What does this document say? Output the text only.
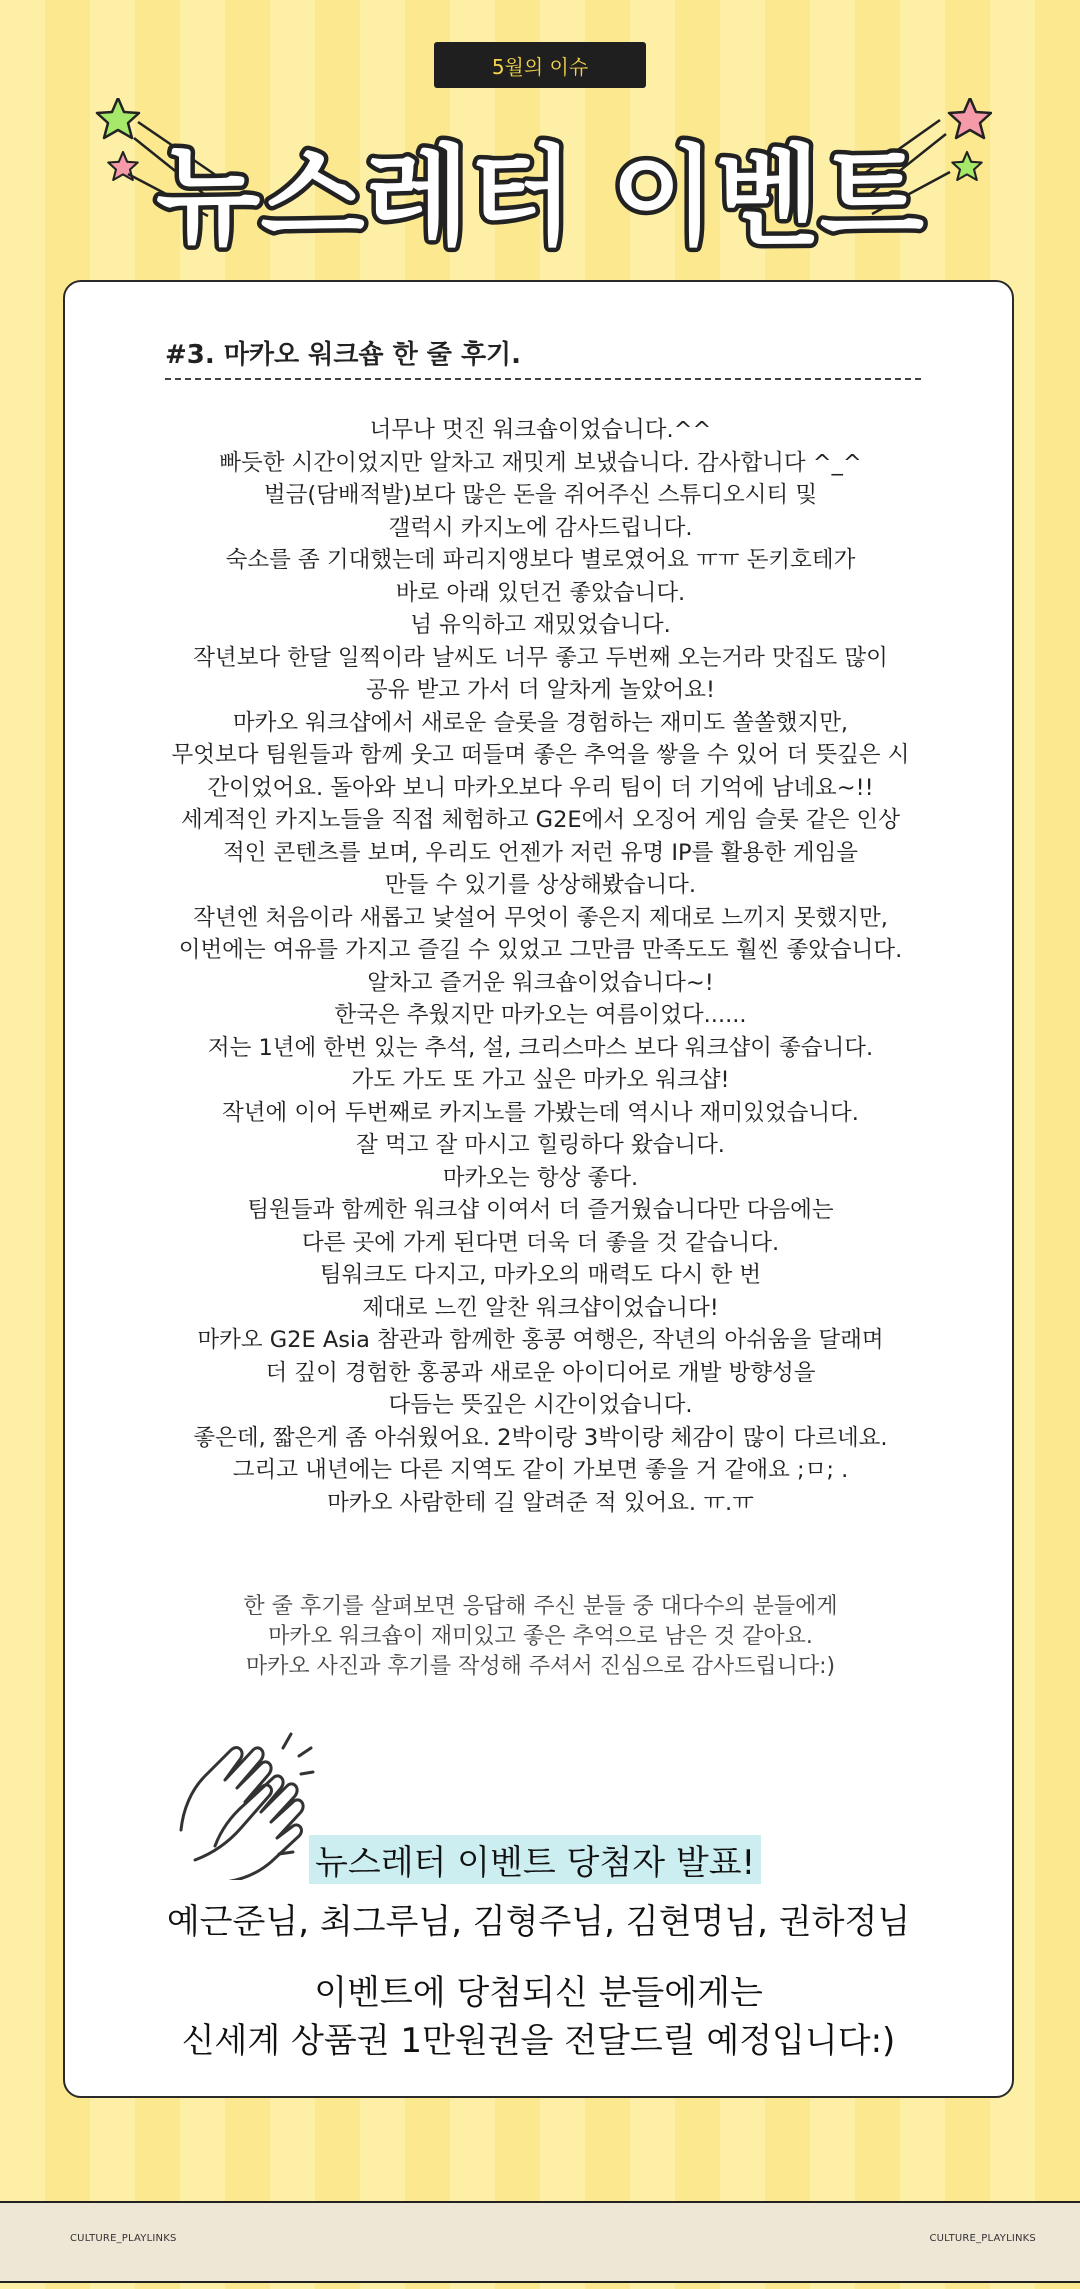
5월의 이슈
뉴스레터 이벤트
#3. 마카오 워크숍 한 줄 후기.
너무나 멋진 워크숍이었습니다.^^
빠듯한 시간이었지만 알차고 재밋게 보냈습니다. 감사합니다 ^_^
벌금(담배적발)보다 많은 돈을 쥐어주신 스튜디오시티 및
갤럭시 카지노에 감사드립니다.
숙소를 좀 기대했는데 파리지앵보다 별로였어요 ㅠㅠ 돈키호테가
바로 아래 있던건 좋았습니다.
넘 유익하고 재밌었습니다.
작년보다 한달 일찍이라 날씨도 너무 좋고 두번째 오는거라 맛집도 많이
공유 받고 가서 더 알차게 놀았어요!
마카오 워크샵에서 새로운 슬롯을 경험하는 재미도 쏠쏠했지만,
무엇보다 팀원들과 함께 웃고 떠들며 좋은 추억을 쌓을 수 있어 더 뜻깊은 시
간이었어요. 돌아와 보니 마카오보다 우리 팀이 더 기억에 남네요~!!
세계적인 카지노들을 직접 체험하고 G2E에서 오징어 게임 슬롯 같은 인상
적인 콘텐츠를 보며, 우리도 언젠가 저런 유명 IP를 활용한 게임을
만들 수 있기를 상상해봤습니다.
작년엔 처음이라 새롭고 낯설어 무엇이 좋은지 제대로 느끼지 못했지만,
이번에는 여유를 가지고 즐길 수 있었고 그만큼 만족도도 훨씬 좋았습니다.
알차고 즐거운 워크숍이었습니다~!
한국은 추웠지만 마카오는 여름이었다......
저는 1년에 한번 있는 추석, 설, 크리스마스 보다 워크샵이 좋습니다.
가도 가도 또 가고 싶은 마카오 워크샵!
작년에 이어 두번째로 카지노를 가봤는데 역시나 재미있었습니다.
잘 먹고 잘 마시고 힐링하다 왔습니다.
마카오는 항상 좋다.
팀원들과 함께한 워크샵 이여서 더 즐거웠습니다만 다음에는
다른 곳에 가게 된다면 더욱 더 좋을 것 같습니다.
팀워크도 다지고, 마카오의 매력도 다시 한 번
제대로 느낀 알찬 워크샵이었습니다!
마카오 G2E Asia 참관과 함께한 홍콩 여행은, 작년의 아쉬움을 달래며
더 깊이 경험한 홍콩과 새로운 아이디어로 개발 방향성을
다듬는 뜻깊은 시간이었습니다.
좋은데, 짧은게 좀 아쉬웠어요. 2박이랑 3박이랑 체감이 많이 다르네요.
그리고 내년에는 다른 지역도 같이 가보면 좋을 거 같애요 ;ㅁ; .
마카오 사람한테 길 알려준 적 있어요. ㅠ.ㅠ
한 줄 후기를 살펴보면 응답해 주신 분들 중 대다수의 분들에게
마카오 워크숍이 재미있고 좋은 추억으로 남은 것 같아요.
마카오 사진과 후기를 작성해 주셔서 진심으로 감사드립니다:)
뉴스레터 이벤트 당첨자 발표!
예근준님, 최그루님, 김형주님, 김현명님, 권하정님
이벤트에 당첨되신 분들에게는
신세계 상품권 1만원권을 전달드릴 예정입니다:)
CULTURE_PLAYLINKS	CULTURE_PLAYLINKS
